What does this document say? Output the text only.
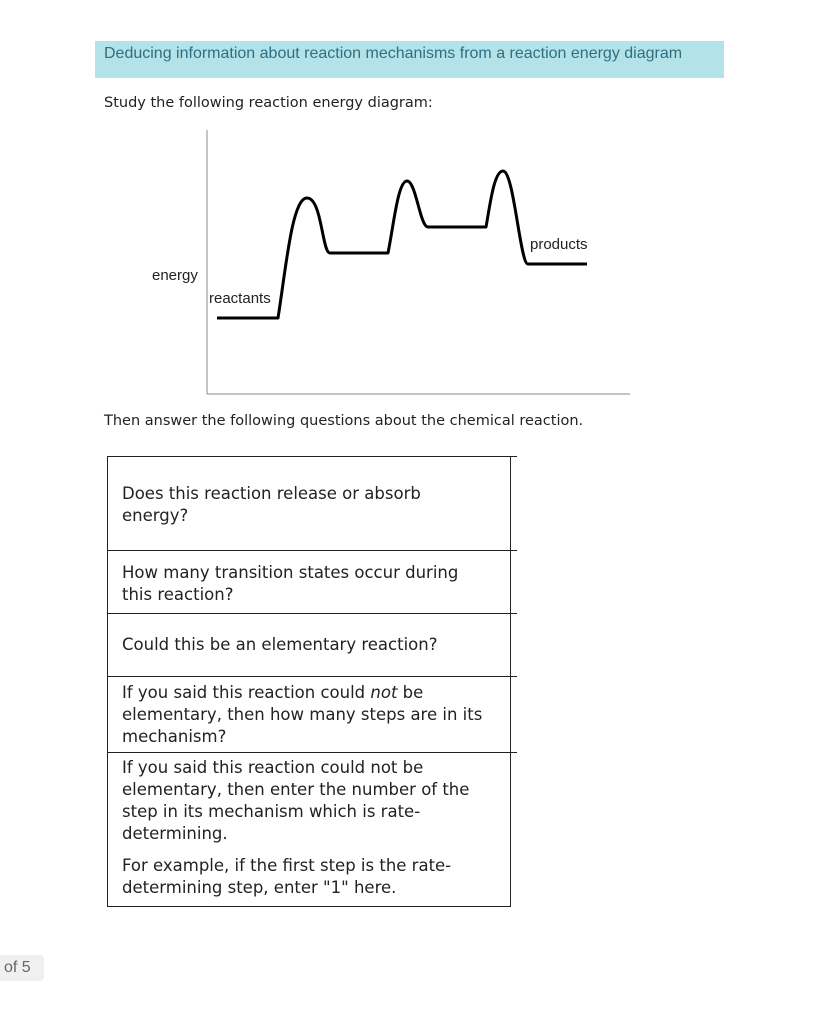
Deducing information about reaction mechanisms from a reaction energy diagram
Study the following reaction energy diagram:
energy
reactants
products
Then answer the following questions about the chemical reaction.
Does this reaction release or absorb energy?
How many transition states occur during this reaction?
Could this be an elementary reaction?
If you said this reaction could not be elementary, then how many steps are in its mechanism?

If you said this reaction could not be elementary, then enter the number of the step in its mechanism which is rate-determining.

For example, if the first step is the rate-determining step, enter "1" here.

of 5
